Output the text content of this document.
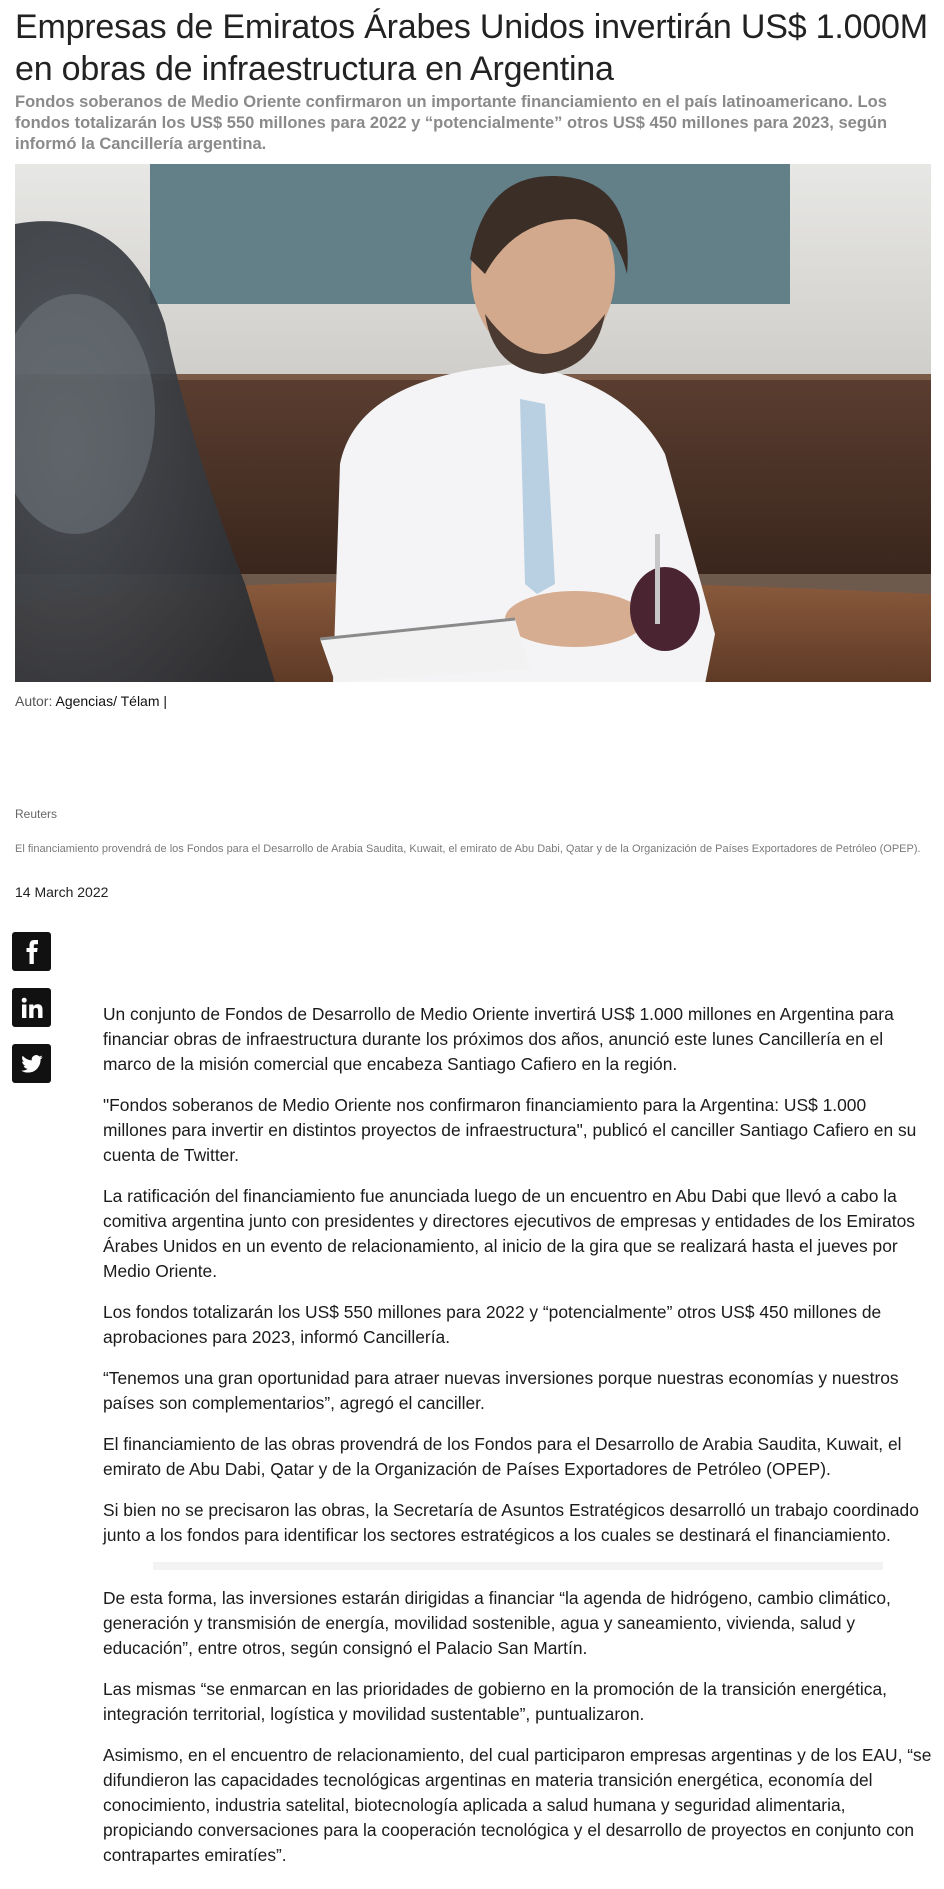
Empresas de Emiratos Árabes Unidos invertirán US$ 1.000M en obras de infraestructura en Argentina

Fondos soberanos de Medio Oriente confirmaron un importante financiamiento en el país latinoamericano. Los fondos totalizarán los US$ 550 millones para 2022 y “potencialmente” otros US$ 450 millones para 2023, según informó la Cancillería argentina.

Autor: Agencias/ Télam |

Reuters

El financiamiento provendrá de los Fondos para el Desarrollo de Arabia Saudita, Kuwait, el emirato de Abu Dabi, Qatar y de la Organización de Países Exportadores de Petróleo (OPEP).

14 March 2022

Un conjunto de Fondos de Desarrollo de Medio Oriente invertirá US$ 1.000 millones en Argentina para financiar obras de infraestructura durante los próximos dos años, anunció este lunes Cancillería en el marco de la misión comercial que encabeza Santiago Cafiero en la región.

"Fondos soberanos de Medio Oriente nos confirmaron financiamiento para la Argentina: US$ 1.000 millones para invertir en distintos proyectos de infraestructura", publicó el canciller Santiago Cafiero en su cuenta de Twitter.

La ratificación del financiamiento fue anunciada luego de un encuentro en Abu Dabi que llevó a cabo la comitiva argentina junto con presidentes y directores ejecutivos de empresas y entidades de los Emiratos Árabes Unidos en un evento de relacionamiento, al inicio de la gira que se realizará hasta el jueves por Medio Oriente.

Los fondos totalizarán los US$ 550 millones para 2022 y “potencialmente” otros US$ 450 millones de aprobaciones para 2023, informó Cancillería.

“Tenemos una gran oportunidad para atraer nuevas inversiones porque nuestras economías y nuestros países son complementarios”, agregó el canciller.

El financiamiento de las obras provendrá de los Fondos para el Desarrollo de Arabia Saudita, Kuwait, el emirato de Abu Dabi, Qatar y de la Organización de Países Exportadores de Petróleo (OPEP).

Si bien no se precisaron las obras, la Secretaría de Asuntos Estratégicos desarrolló un trabajo coordinado junto a los fondos para identificar los sectores estratégicos a los cuales se destinará el financiamiento.

De esta forma, las inversiones estarán dirigidas a financiar “la agenda de hidrógeno, cambio climático, generación y transmisión de energía, movilidad sostenible, agua y saneamiento, vivienda, salud y educación”, entre otros, según consignó el Palacio San Martín.

Las mismas “se enmarcan en las prioridades de gobierno en la promoción de la transición energética, integración territorial, logística y movilidad sustentable”, puntualizaron.

Asimismo, en el encuentro de relacionamiento, del cual participaron empresas argentinas y de los EAU, “se difundieron las capacidades tecnológicas argentinas en materia transición energética, economía del conocimiento, industria satelital, biotecnología aplicada a salud humana y seguridad alimentaria, propiciando conversaciones para la cooperación tecnológica y el desarrollo de proyectos en conjunto con contrapartes emiratíes”.
